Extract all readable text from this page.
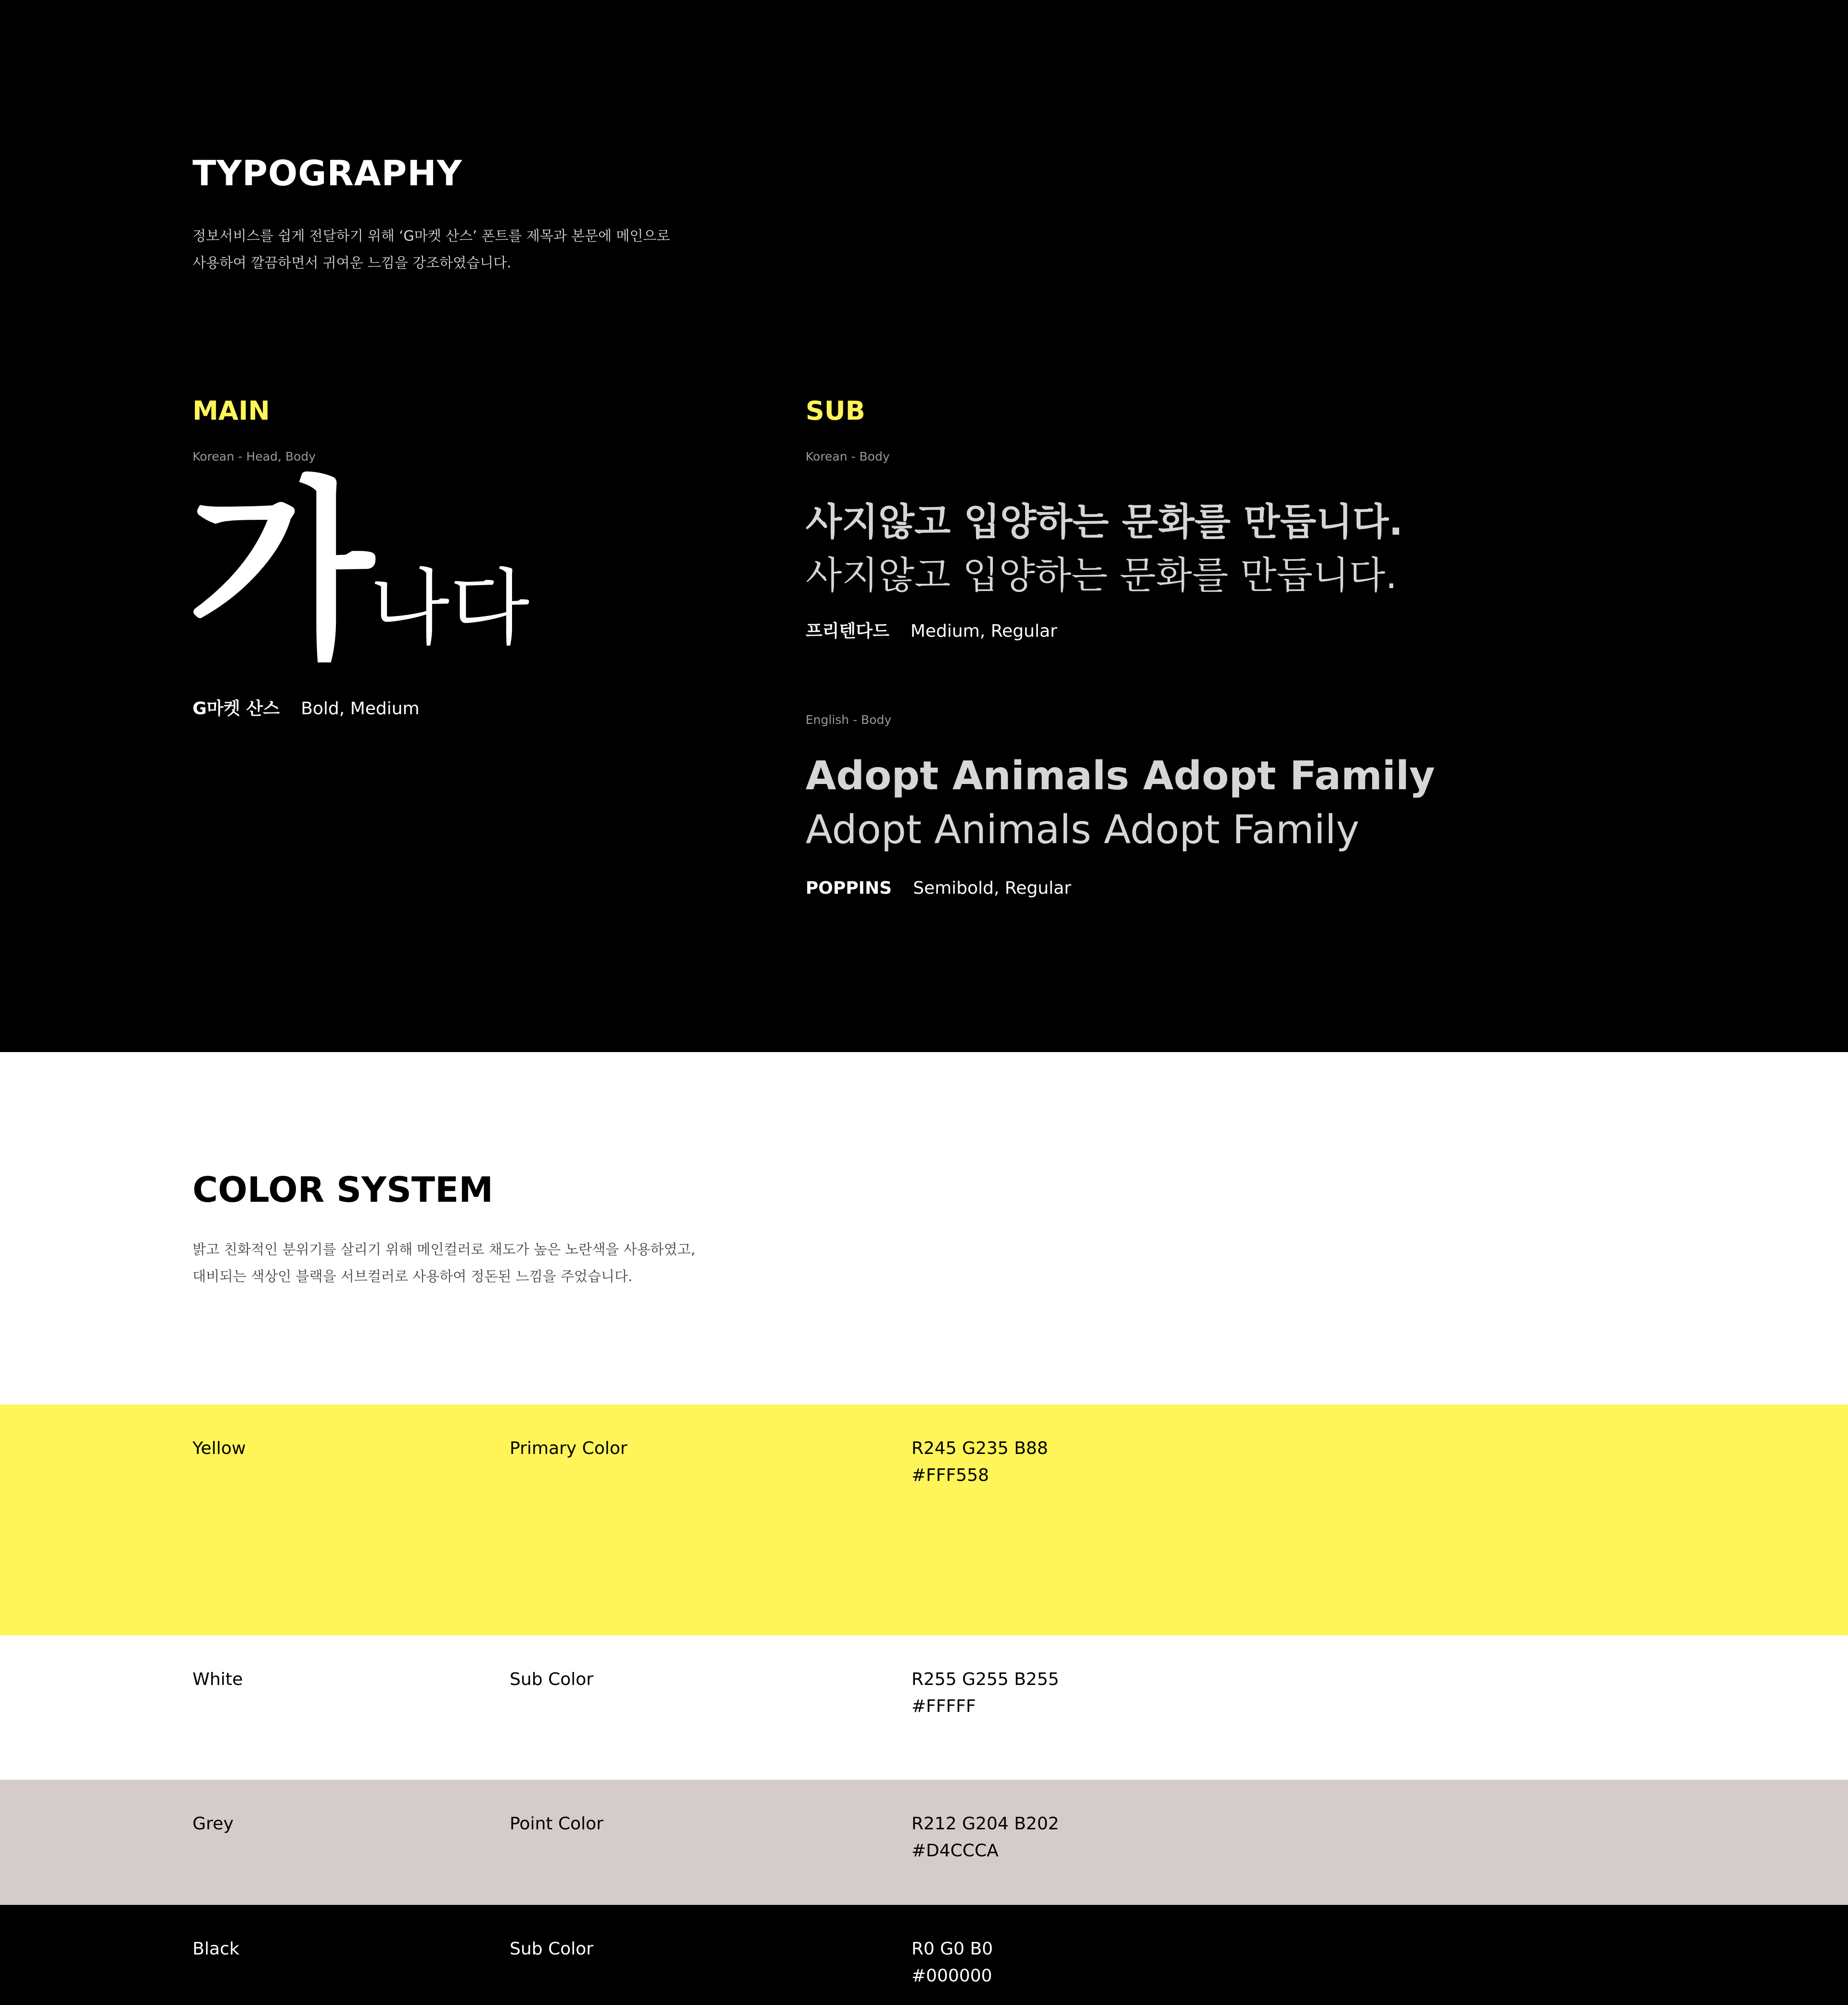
TYPOGRAPHY

정보서비스를 쉽게 전달하기 위해 ‘G마켓 산스’ 폰트를 제목과 본문에 메인으로
사용하여 깔끔하면서 귀여운 느낌을 강조하였습니다.

MAIN

Korean - Head, Body

가
나다

G마켓 산스 Bold, Medium

SUB

Korean - Body

사지않고 입양하는 문화를 만듭니다.

사지않고 입양하는 문화를 만듭니다.

프리텐다드 Medium, Regular

English - Body

Adopt Animals Adopt Family

Adopt Animals Adopt Family

POPPINS Semibold, Regular

COLOR SYSTEM

밝고 친화적인 분위기를 살리기 위해 메인컬러로 채도가 높은 노란색을 사용하였고,
대비되는 색상인 블랙을 서브컬러로 사용하여 정돈된 느낌을 주었습니다.

Yellow	Primary Color	R245 G235 B88
#FFF558

White	Sub Color	R255 G255 B255
#FFFFF

Grey	Point Color	R212 G204 B202
#D4CCCA

Black	Sub Color	R0 G0 B0
#000000
